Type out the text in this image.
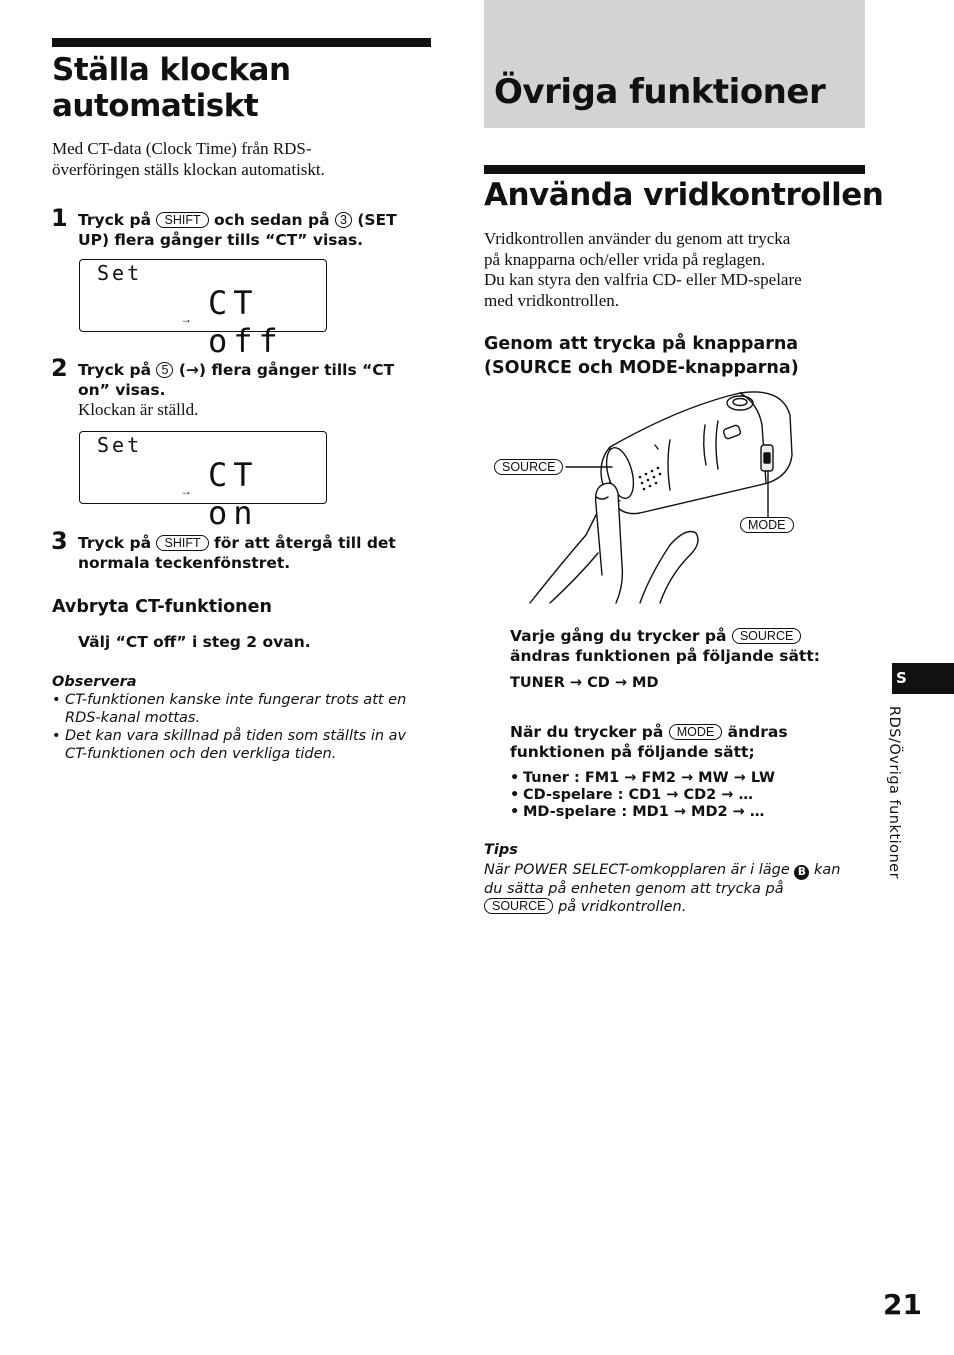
Ställa klockan
automatiskt
Med CT-data (Clock Time) från RDS-
överföringen ställs klockan automatiskt.
1 Tryck på SHIFT och sedan på 3 (SET
UP) flera gånger tills “CT” visas.
Set
CT off
→
2 Tryck på 5 (→) flera gånger tills “CT
on” visas.
Klockan är ställd.
Set
CT on
→
3 Tryck på SHIFT för att återgå till det
normala teckenfönstret.
Avbryta CT-funktionen
Välj “CT off” i steg 2 ovan.
Observera
• CT-funktionen kanske inte fungerar trots att en
RDS-kanal mottas.
• Det kan vara skillnad på tiden som ställts in av
CT-funktionen och den verkliga tiden.
Övriga funktioner
Använda vridkontrollen
Vridkontrollen använder du genom att trycka
på knapparna och/eller vrida på reglagen.
Du kan styra den valfria CD- eller MD-spelare
med vridkontrollen.
Genom att trycka på knapparna
(SOURCE och MODE-knapparna)
SOURCE
MODE
Varje gång du trycker på SOURCE
ändras funktionen på följande sätt:
TUNER → CD → MD
När du trycker på MODE ändras
funktionen på följande sätt;
• Tuner : FM1 → FM2 → MW → LW
• CD-spelare : CD1 → CD2 → …
• MD-spelare : MD1 → MD2 → …
Tips
När POWER SELECT-omkopplaren är i läge B kan
du sätta på enheten genom att trycka på
SOURCE på vridkontrollen.
S
RDS/Övriga funktioner
21
